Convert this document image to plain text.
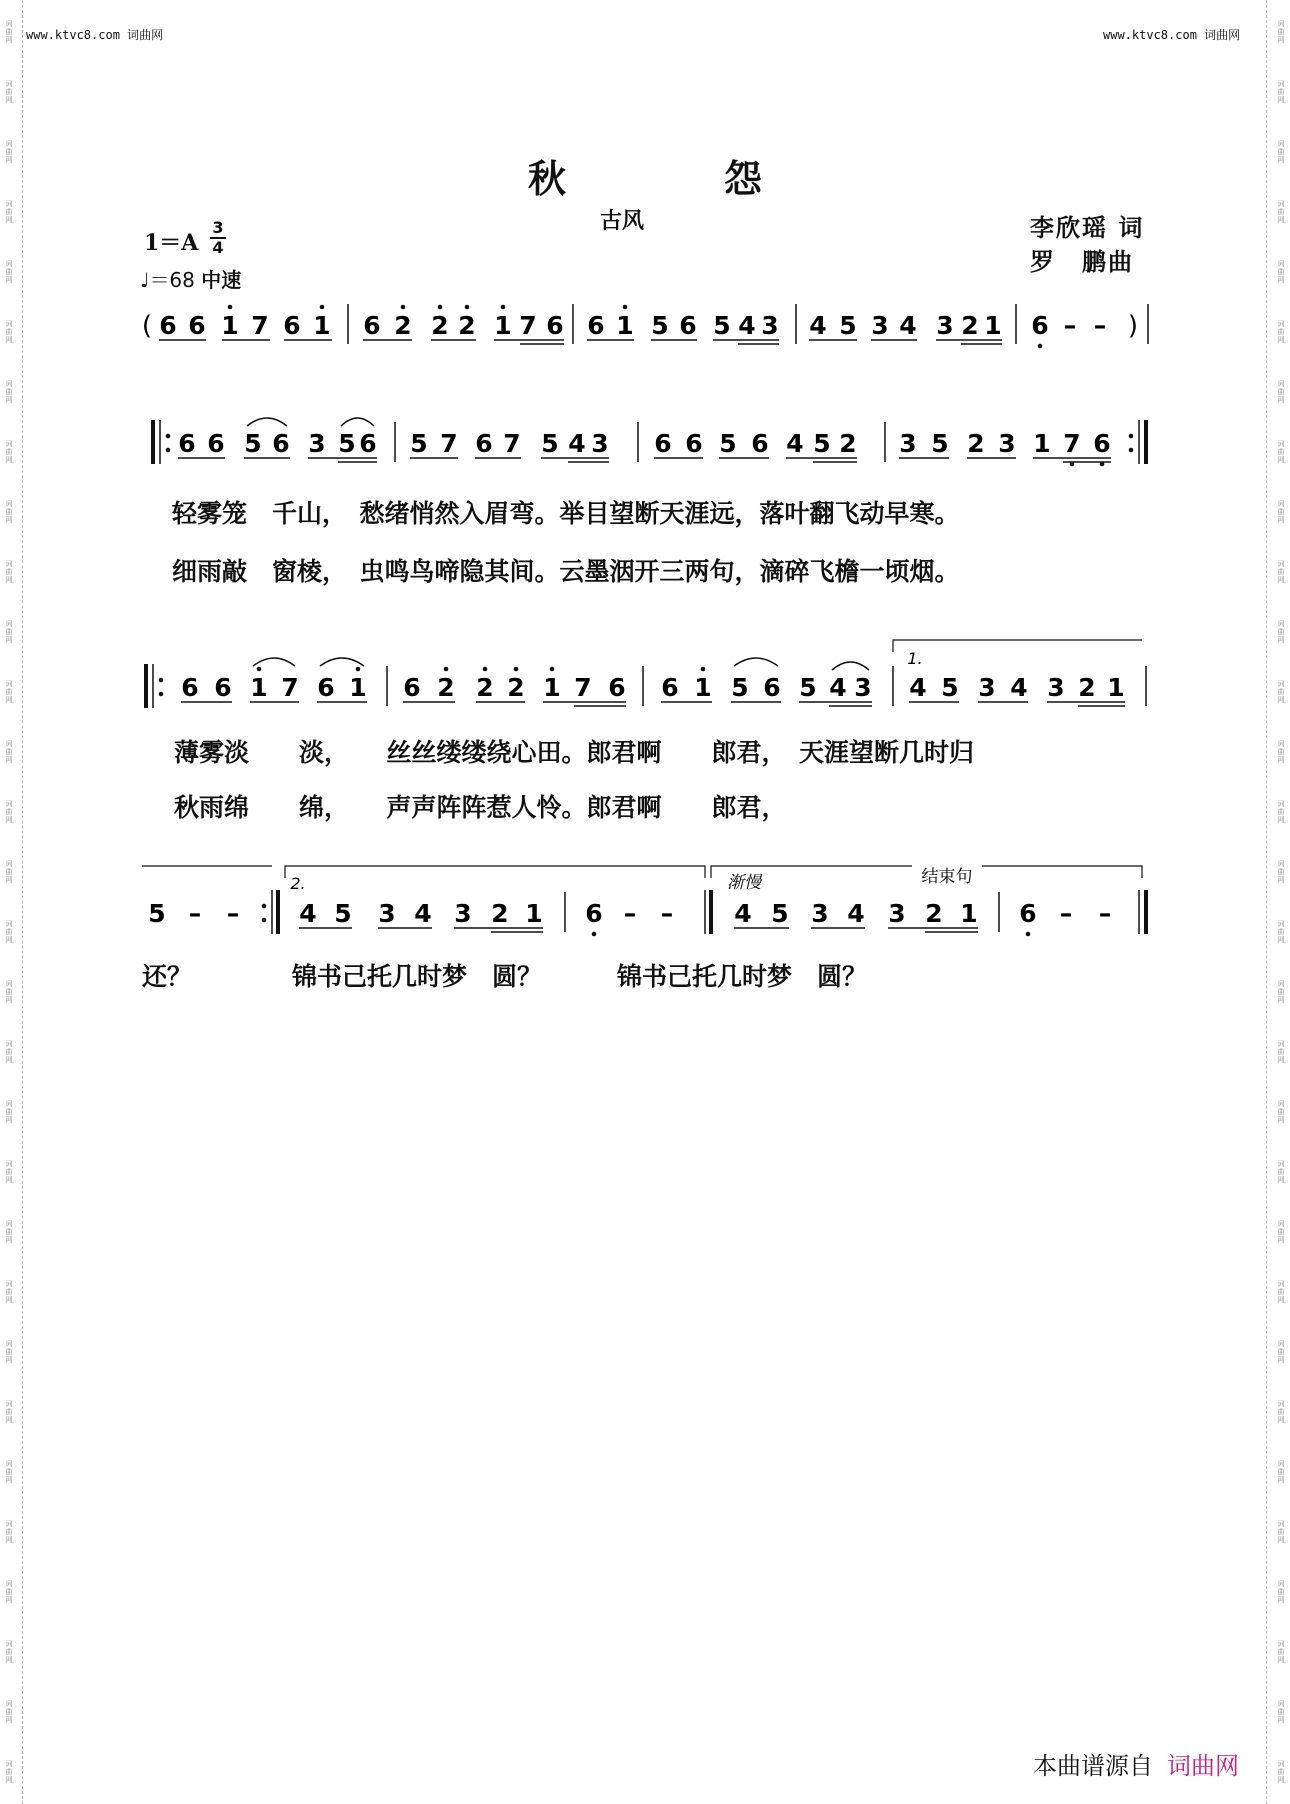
词
曲
网
词
曲
网
词
曲
网
词
曲
网
词
曲
网
词
曲
网
词
曲
网
词
曲
网
词
曲
网
词
曲
网
词
曲
网
词
曲
网
词
曲
网
词
曲
网
词
曲
网
词
曲
网
词
曲
网
词
曲
网
词
曲
网
词
曲
网
词
曲
网
词
曲
网
词
曲
网
词
曲
网
词
曲
网
词
曲
网
词
曲
网
词
曲
网
词
曲
网
词
曲
网
词
曲
网
词
曲
网
词
曲
网
词
曲
网
词
曲
网
词
曲
网
词
曲
网
词
曲
网
词
曲
网
词
曲
网
词
曲
网
词
曲
网
词
曲
网
词
曲
网
词
曲
网
词
曲
网
词
曲
网
词
曲
网
词
曲
网
词
曲
网
词
曲
网
词
曲
网
词
曲
网
词
曲
网
词
曲
网
词
曲
网
词
曲
网
词
曲
网
词
曲
网
词
曲
网
www.ktvc8.com 词曲网	www.ktvc8.com 词曲网
秋　怨
古风	李欣瑶 词
罗　鹏曲
1＝A
3
4
♩＝68 中速
( 6 6 1 7 6 1 6 2 2 2 1 7 6 6 1 5 6 5 4 3 4 5 3 4 3 2 1 6 – – )
6 6 5 6 3 5 6 5 7 6 7 5 4 3 6 6 5 6 4 5 2 3 5 2 3 1 7 6
6 6 1 7 6 1 6 2 2 2 1 7 6 6 1 5 6 5 4 3
1.
4 5 3 4 3 2 1
5 – –
2.
4 5 3 4 3 2 1 6 – –
渐慢	结束句
4 5 3 4 3 2 1 6 – –
轻雾笼　千山，　愁绪悄然入眉弯。举目望断天涯远，落叶翻飞动早寒。
细雨敲　窗棱，　虫鸣鸟啼隐其间。云墨洇开三两句，滴碎飞檐一顷烟。
薄雾淡　　淡，　　丝丝缕缕绕心田。郎君啊　　郎君，　天涯望断几时归
秋雨绵　　绵，　　声声阵阵惹人怜。郎君啊　　郎君，
还？　　　　锦书己托几时梦　圆？　　　锦书己托几时梦　圆？
本曲谱源自 词曲网
